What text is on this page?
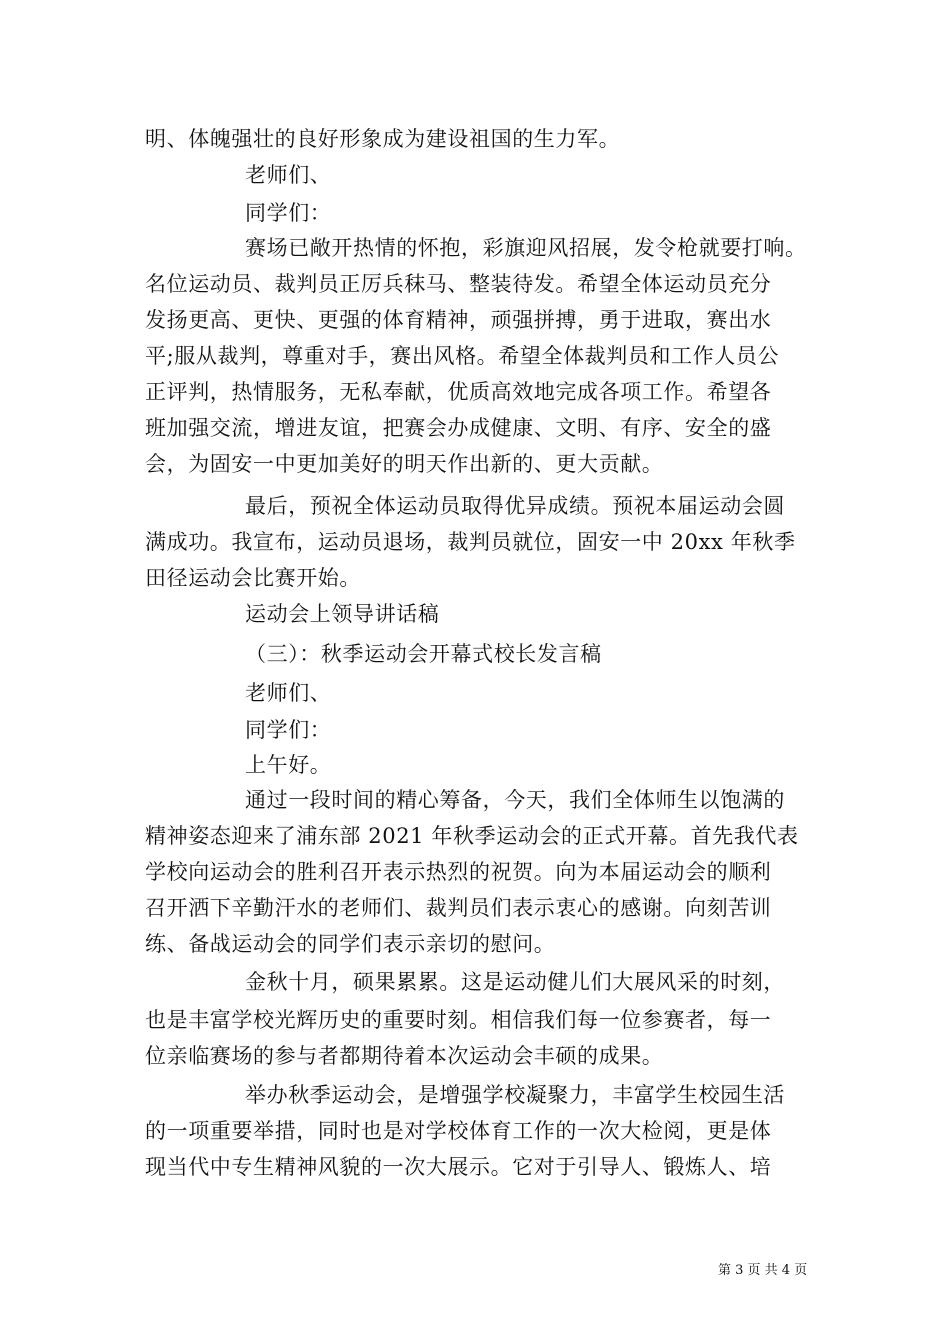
明、体魄强壮的良好形象成为建设祖国的生力军。
老师们、
同学们：
赛场已敞开热情的怀抱，彩旗迎风招展，发令枪就要打响。
名位运动员、裁判员正厉兵秣马、整装待发。希望全体运动员充分
发扬更高、更快、更强的体育精神，顽强拼搏，勇于进取，赛出水
平;服从裁判，尊重对手，赛出风格。希望全体裁判员和工作人员公
正评判，热情服务，无私奉献，优质高效地完成各项工作。希望各
班加强交流，增进友谊，把赛会办成健康、文明、有序、安全的盛
会，为固安一中更加美好的明天作出新的、更大贡献。
最后，预祝全体运动员取得优异成绩。预祝本届运动会圆
满成功。我宣布，运动员退场，裁判员就位，固安一中 20xx 年秋季
田径运动会比赛开始。
运动会上领导讲话稿
（三）：秋季运动会开幕式校长发言稿
老师们、
同学们：
上午好。
通过一段时间的精心筹备，今天，我们全体师生以饱满的
精神姿态迎来了浦东部 2021 年秋季运动会的正式开幕。首先我代表
学校向运动会的胜利召开表示热烈的祝贺。向为本届运动会的顺利
召开洒下辛勤汗水的老师们、裁判员们表示衷心的感谢。向刻苦训
练、备战运动会的同学们表示亲切的慰问。
金秋十月，硕果累累。这是运动健儿们大展风采的时刻，
也是丰富学校光辉历史的重要时刻。相信我们每一位参赛者，每一
位亲临赛场的参与者都期待着本次运动会丰硕的成果。
举办秋季运动会，是增强学校凝聚力，丰富学生校园生活
的一项重要举措，同时也是对学校体育工作的一次大检阅，更是体
现当代中专生精神风貌的一次大展示。它对于引导人、锻炼人、培
第 3 页 共 4 页
